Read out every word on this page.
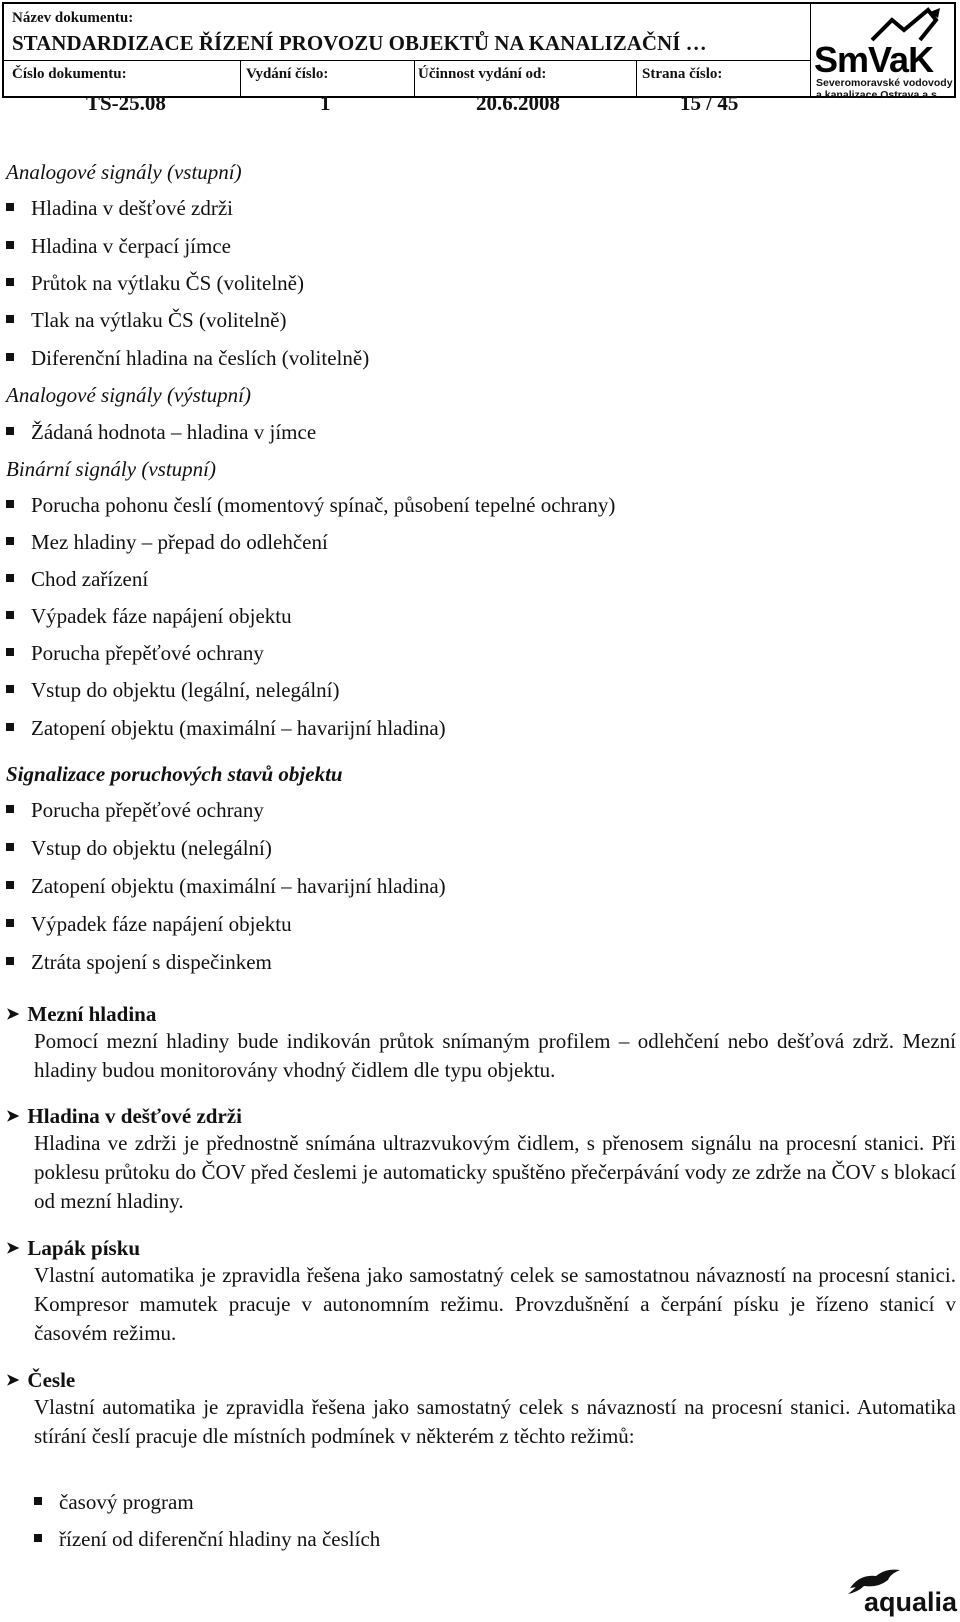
Název dokumentu:
STANDARDIZACE ŘÍZENÍ PROVOZU OBJEKTŮ NA KANALIZAČNÍ …
Číslo dokumentu:
TS-25.08
Vydání číslo:
1
Účinnost vydání od:
20.6.2008
Strana číslo:
15 / 45
SmVaK
Severomoravské vodovody
a kanalizace Ostrava a.s.
Analogové signály (vstupní)
Hladina v dešťové zdrži
Hladina v čerpací jímce
Průtok na výtlaku ČS (volitelně)
Tlak na výtlaku ČS (volitelně)
Diferenční hladina na česlích (volitelně)
Analogové signály (výstupní)
Žádaná hodnota – hladina v jímce
Binární signály (vstupní)
Porucha pohonu česlí (momentový spínač, působení tepelné ochrany)
Mez hladiny – přepad do odlehčení
Chod zařízení
Výpadek fáze napájení objektu
Porucha přepěťové ochrany
Vstup do objektu (legální, nelegální)
Zatopení objektu (maximální – havarijní hladina)
Signalizace poruchových stavů objektu
Porucha přepěťové ochrany
Vstup do objektu (nelegální)
Zatopení objektu (maximální – havarijní hladina)
Výpadek fáze napájení objektu
Ztráta spojení s dispečinkem
➤ Mezní hladina
Pomocí mezní hladiny bude indikován průtok snímaným profilem – odlehčení nebo dešťová zdrž. Mezní hladiny budou monitorovány vhodný čidlem dle typu objektu.
➤ Hladina v dešťové zdrži
Hladina ve zdrži je přednostně snímána ultrazvukovým čidlem, s přenosem signálu na procesní stanici. Při poklesu průtoku do ČOV před česlemi je automaticky spuštěno přečerpávání vody ze zdrže na ČOV s blokací od mezní hladiny.
➤ Lapák písku
Vlastní automatika je zpravidla řešena jako samostatný celek se samostatnou návazností na procesní stanici. Kompresor mamutek pracuje v autonomním režimu. Provzdušnění a čerpání písku je řízeno stanicí v časovém režimu.
➤ Česle
Vlastní automatika je zpravidla řešena jako samostatný celek s návazností na procesní stanici. Automatika stírání česlí pracuje dle místních podmínek v některém z těchto režimů:
časový program
řízení od diferenční hladiny na česlích
aqualia
